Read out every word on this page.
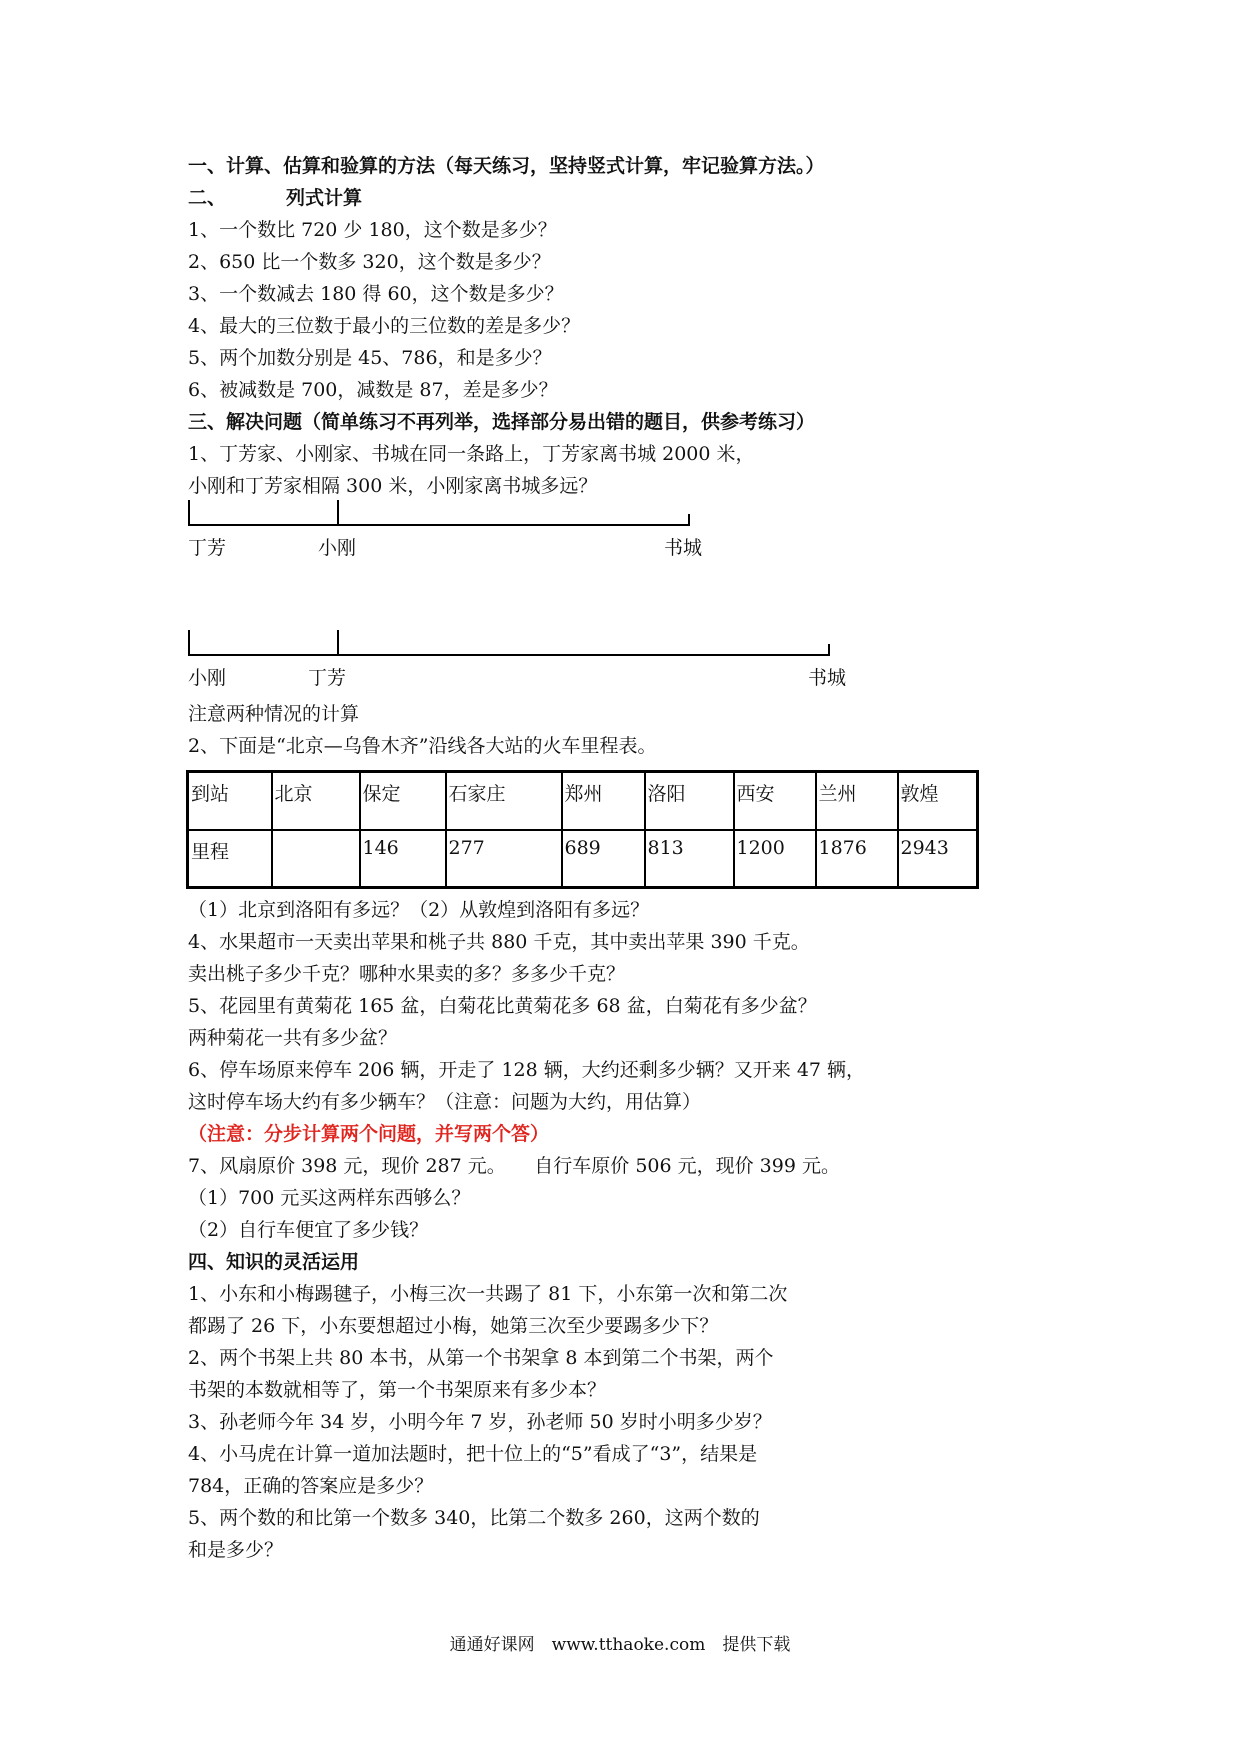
一、计算、估算和验算的方法（每天练习，坚持竖式计算，牢记验算方法。）
二、	列式计算
1、一个数比 720 少 180，这个数是多少？
2、650 比一个数多 320，这个数是多少？
3、一个数减去 180 得 60，这个数是多少？
4、最大的三位数于最小的三位数的差是多少？
5、两个加数分别是 45、786，和是多少？
6、被减数是 700，减数是 87，差是多少？
三、解决问题（简单练习不再列举，选择部分易出错的题目，供参考练习）
1、丁芳家、小刚家、书城在同一条路上，丁芳家离书城 2000 米，
小刚和丁芳家相隔 300 米，小刚家离书城多远？
丁芳	小刚	书城
小刚	丁芳	书城
注意两种情况的计算
2、下面是“北京—乌鲁木齐”沿线各大站的火车里程表。
到站	北京	保定	石家庄	郑州	洛阳	西安	兰州	敦煌
里程		146	277	689	813	1200	1876	2943
（1）北京到洛阳有多远？（2）从敦煌到洛阳有多远？
4、水果超市一天卖出苹果和桃子共 880 千克，其中卖出苹果 390 千克。
卖出桃子多少千克？哪种水果卖的多？多多少千克？
5、花园里有黄菊花 165 盆，白菊花比黄菊花多 68 盆，白菊花有多少盆？
两种菊花一共有多少盆？
6、停车场原来停车 206 辆，开走了 128 辆，大约还剩多少辆？又开来 47 辆，
这时停车场大约有多少辆车？（注意：问题为大约，用估算）
（注意：分步计算两个问题，并写两个答）
7、风扇原价 398 元，现价 287 元。　　自行车原价 506 元，现价 399 元。
（1）700 元买这两样东西够么？
（2）自行车便宜了多少钱？
四、知识的灵活运用
1、小东和小梅踢毽子，小梅三次一共踢了 81 下，小东第一次和第二次
都踢了 26 下，小东要想超过小梅，她第三次至少要踢多少下？
2、两个书架上共 80 本书，从第一个书架拿 8 本到第二个书架，两个
书架的本数就相等了，第一个书架原来有多少本？
3、孙老师今年 34 岁，小明今年 7 岁，孙老师 50 岁时小明多少岁？
4、小马虎在计算一道加法题时，把十位上的“5”看成了“3”，结果是
784，正确的答案应是多少？
5、两个数的和比第一个数多 340，比第二个数多 260，这两个数的
和是多少？
通通好课网　www.tthaoke.com　提供下载
